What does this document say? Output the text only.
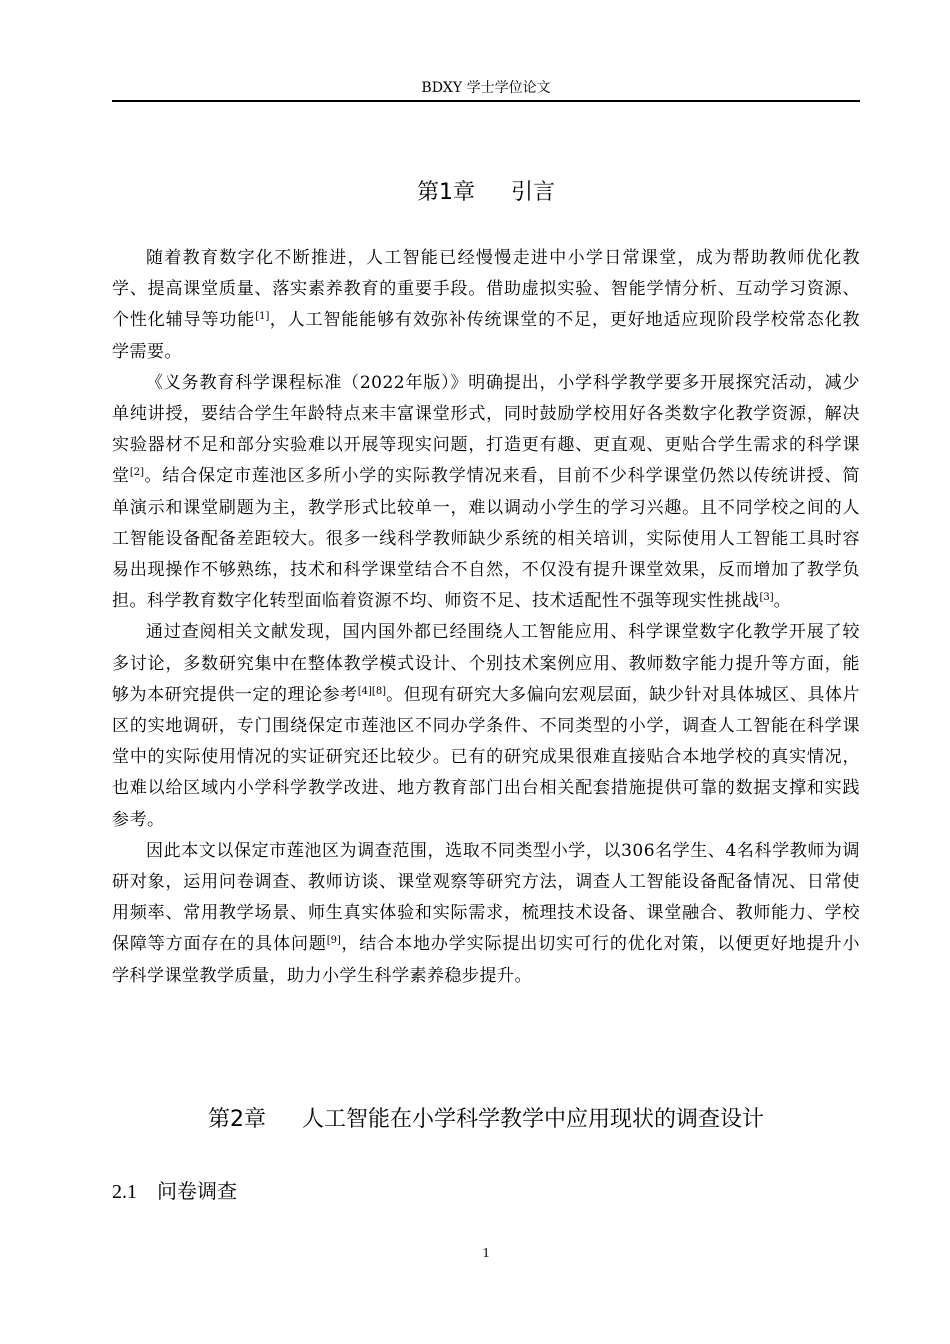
BDXY 学士学位论文
第1章 引言

随着教育数字化不断推进，人工智能已经慢慢走进中小学日常课堂，成为帮助教师优化教学、提高课堂质量、落实素养教育的重要手段。借助虚拟实验、智能学情分析、互动学习资源、个性化辅导等功能[1]，人工智能能够有效弥补传统课堂的不足，更好地适应现阶段学校常态化教学需要。

《义务教育科学课程标准（2022年版）》明确提出，小学科学教学要多开展探究活动，减少单纯讲授，要结合学生年龄特点来丰富课堂形式，同时鼓励学校用好各类数字化教学资源，解决实验器材不足和部分实验难以开展等现实问题，打造更有趣、更直观、更贴合学生需求的科学课堂[2]。结合保定市莲池区多所小学的实际教学情况来看，目前不少科学课堂仍然以传统讲授、简单演示和课堂刷题为主，教学形式比较单一，难以调动小学生的学习兴趣。且不同学校之间的人工智能设备配备差距较大。很多一线科学教师缺少系统的相关培训，实际使用人工智能工具时容易出现操作不够熟练，技术和科学课堂结合不自然，不仅没有提升课堂效果，反而增加了教学负担。科学教育数字化转型面临着资源不均、师资不足、技术适配性不强等现实性挑战[3]。

通过查阅相关文献发现，国内国外都已经围绕人工智能应用、科学课堂数字化教学开展了较多讨论，多数研究集中在整体教学模式设计、个别技术案例应用、教师数字能力提升等方面，能够为本研究提供一定的理论参考[4][8]。但现有研究大多偏向宏观层面，缺少针对具体城区、具体片区的实地调研，专门围绕保定市莲池区不同办学条件、不同类型的小学，调查人工智能在科学课堂中的实际使用情况的实证研究还比较少。已有的研究成果很难直接贴合本地学校的真实情况，也难以给区域内小学科学教学改进、地方教育部门出台相关配套措施提供可靠的数据支撑和实践参考。

因此本文以保定市莲池区为调查范围，选取不同类型小学，以306名学生、4名科学教师为调研对象，运用问卷调查、教师访谈、课堂观察等研究方法，调查人工智能设备配备情况、日常使用频率、常用教学场景、师生真实体验和实际需求，梳理技术设备、课堂融合、教师能力、学校保障等方面存在的具体问题[9]，结合本地办学实际提出切实可行的优化对策，以便更好地提升小学科学课堂教学质量，助力小学生科学素养稳步提升。

第2章 人工智能在小学科学教学中应用现状的调查设计
2.1 问卷调查
1
